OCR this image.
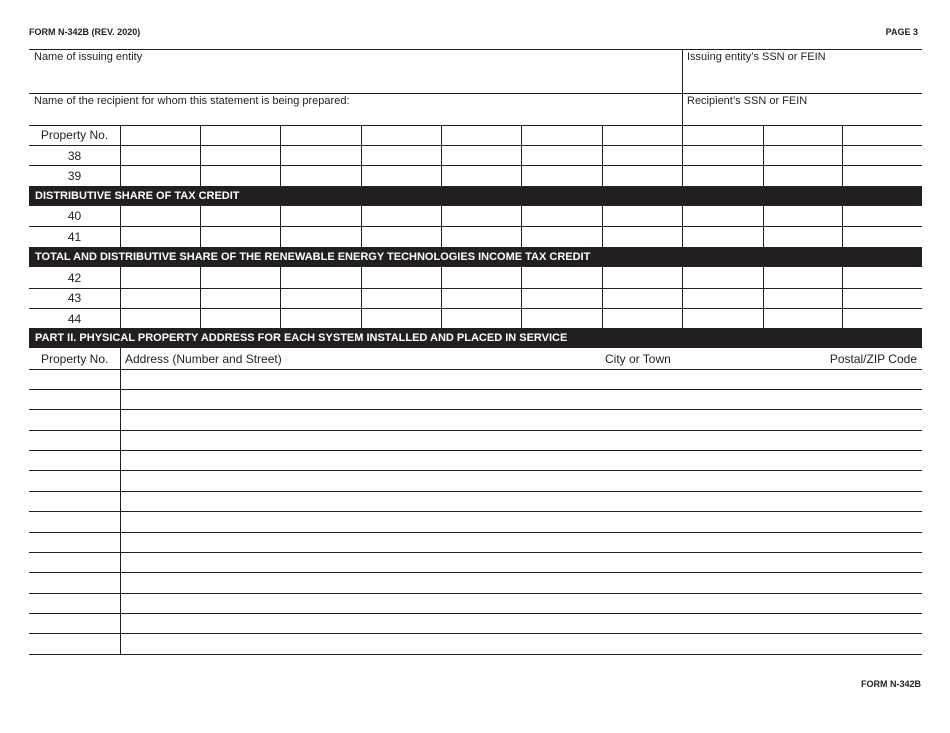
FORM N-342B (REV. 2020)	PAGE 3
Name of issuing entity	Issuing entity’s SSN or FEIN
Name of the recipient for whom this statement is being prepared:	Recipient’s SSN or FEIN
Property No.
38
39
DISTRIBUTIVE SHARE OF TAX CREDIT
40
41
TOTAL AND DISTRIBUTIVE SHARE OF THE RENEWABLE ENERGY TECHNOLOGIES INCOME TAX CREDIT
42
43
44
PART II. PHYSICAL PROPERTY ADDRESS FOR EACH SYSTEM INSTALLED AND PLACED IN SERVICE
Property No. Address (Number and Street)	City or Town	Postal/ZIP Code
FORM N-342B
